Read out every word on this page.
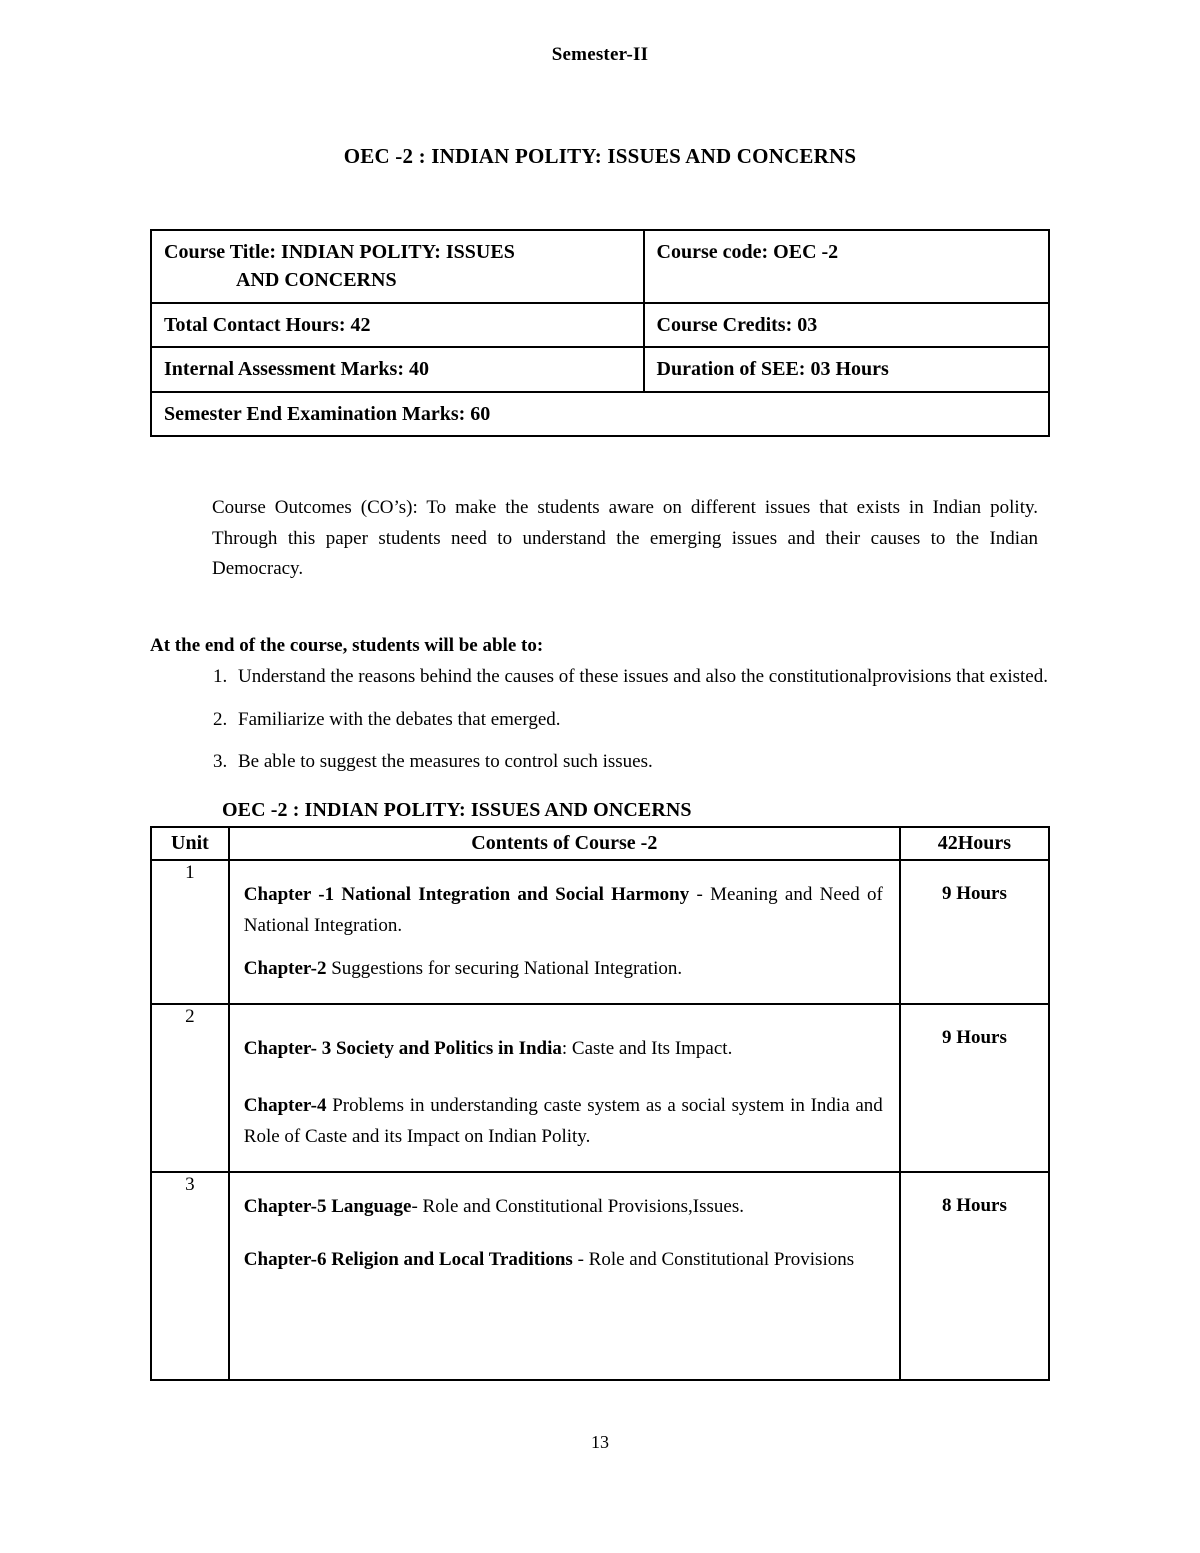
Semester-II
OEC -2 : INDIAN POLITY: ISSUES AND CONCERNS
Course Title: INDIAN POLITY: ISSUES
AND CONCERNS	Course code: OEC -2
Total Contact Hours: 42	Course Credits: 03
Internal Assessment Marks: 40	Duration of SEE: 03 Hours
Semester End Examination Marks: 60	
Course Outcomes (CO’s): To make the students aware on different issues that exists in Indian polity. Through this paper students need to understand the emerging issues and their causes to the Indian Democracy.
At the end of the course, students will be able to:
1. Understand the reasons behind the causes of these issues and also the constitutionalprovisions that existed.
2. Familiarize with the debates that emerged.
3. Be able to suggest the measures to control such issues.
OEC -2 : INDIAN POLITY: ISSUES AND ONCERNS
Unit	Contents of Course -2	42Hours
1	Chapter -1 National Integration and Social Harmony - Meaning and Need of National Integration.

Chapter-2 Suggestions for securing National Integration.	9 Hours
2	Chapter- 3 Society and Politics in India: Caste and Its Impact.

Chapter-4 Problems in understanding caste system as a social system in India and Role of Caste and its Impact on Indian Polity.	9 Hours
3	Chapter-5 Language- Role and Constitutional Provisions,Issues.

Chapter-6 Religion and Local Traditions - Role and Constitutional Provisions	8 Hours
13
